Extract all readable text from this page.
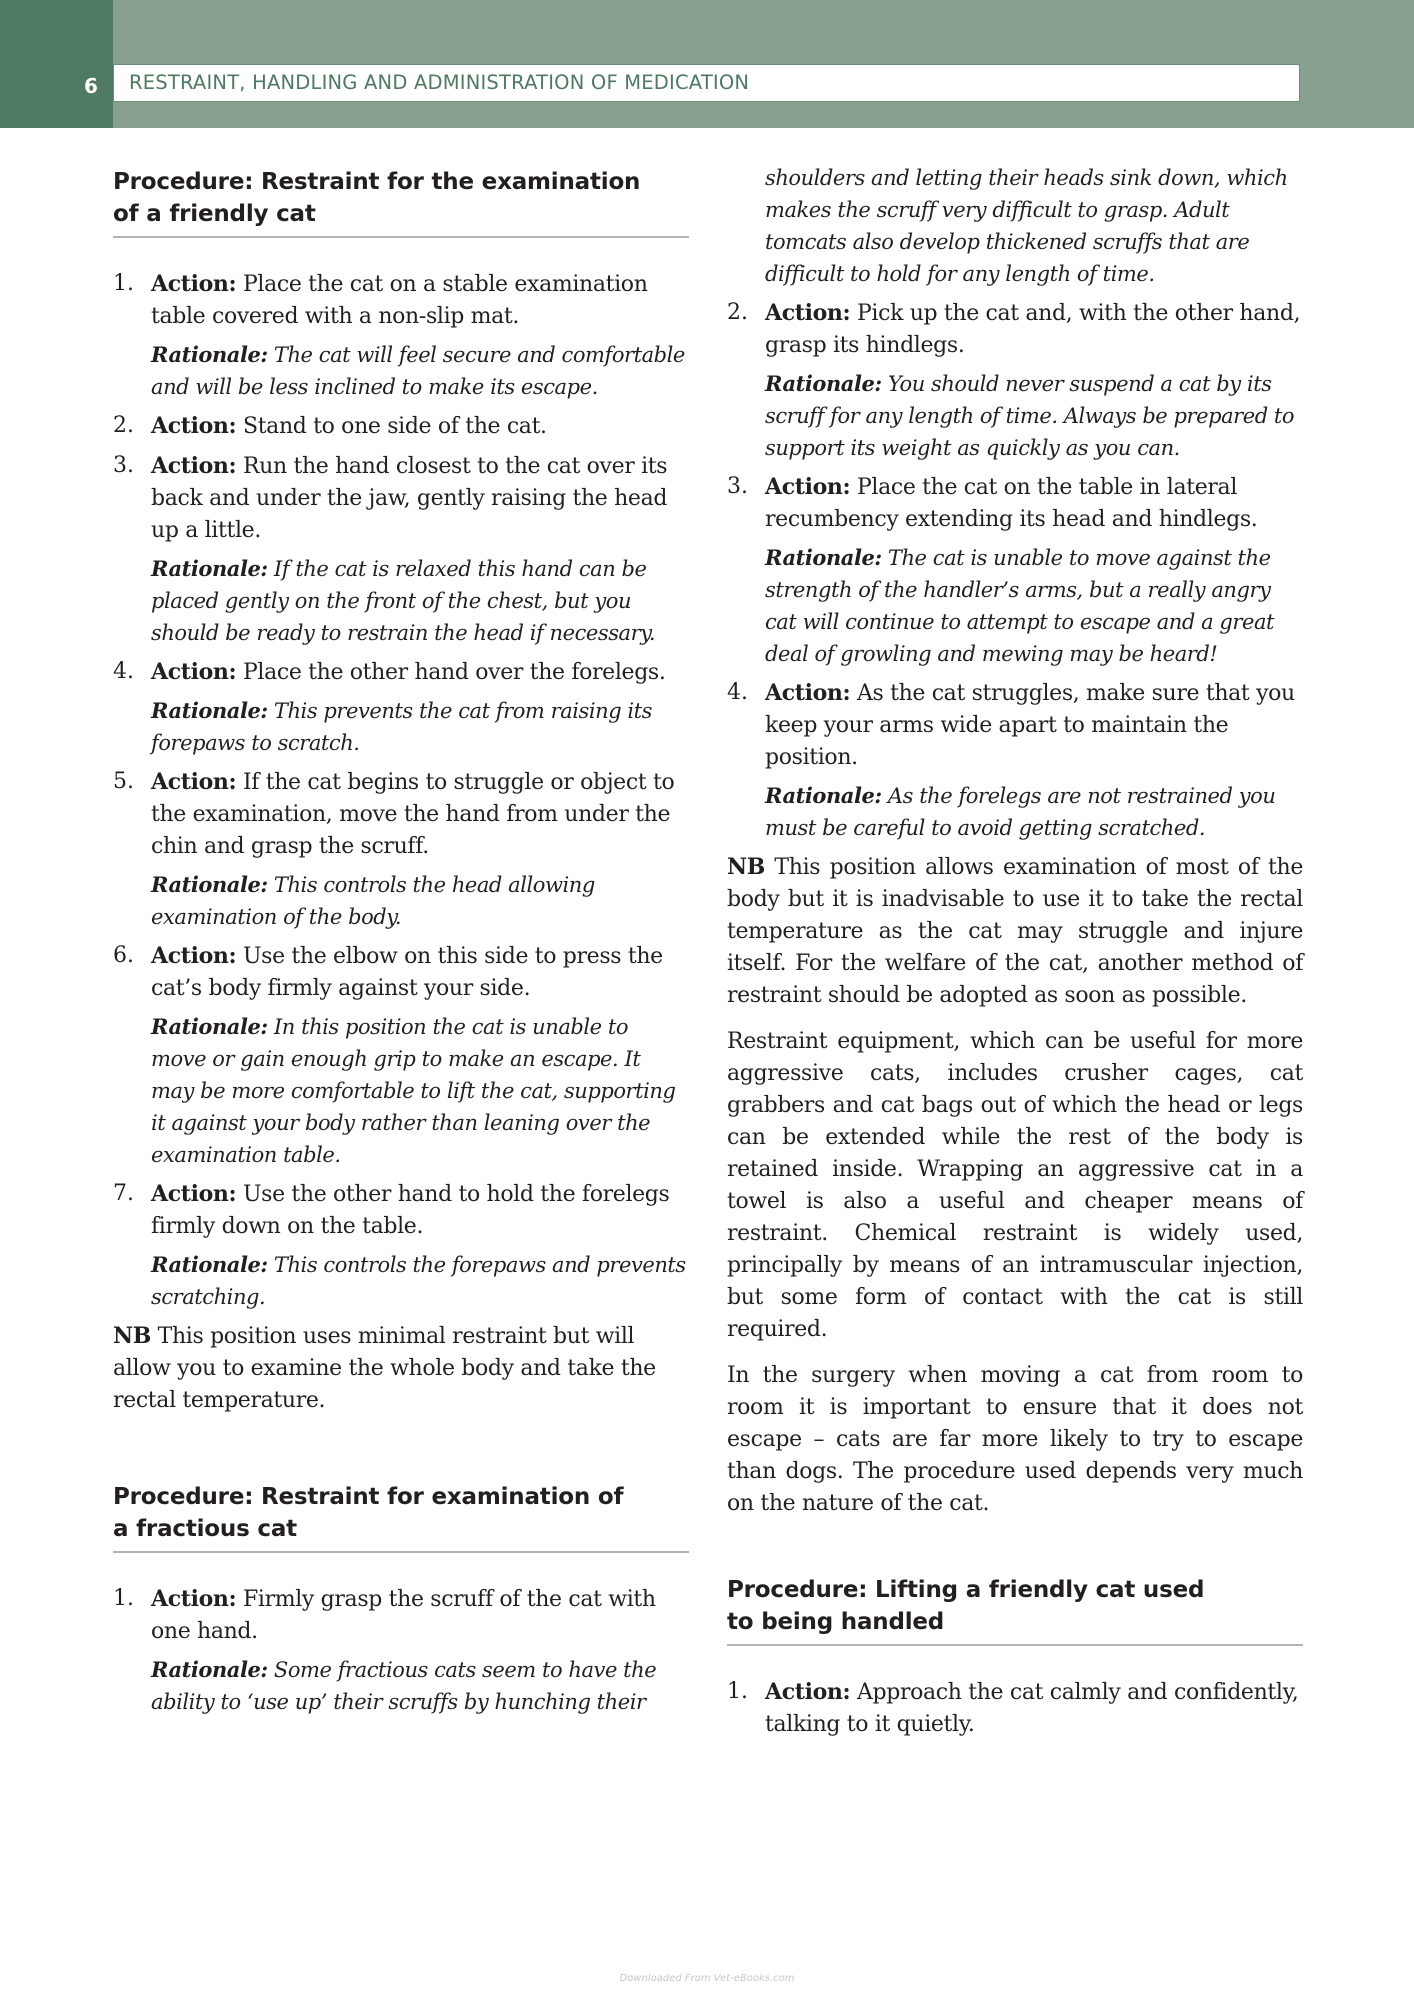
6 RESTRAINT, HANDLING AND ADMINISTRATION OF MEDICATION
Procedure: Restraint for the examination
of a friendly cat
1. Action: Place the cat on a stable examination table covered with a non-slip mat.

Rationale: The cat will feel secure and comfortable and will be less inclined to make its escape.

2. Action: Stand to one side of the cat.

3. Action: Run the hand closest to the cat over its back and under the jaw, gently raising the head up a little.

Rationale: If the cat is relaxed this hand can be placed gently on the front of the chest, but you should be ready to restrain the head if necessary.

4. Action: Place the other hand over the forelegs.

Rationale: This prevents the cat from raising its forepaws to scratch.

5. Action: If the cat begins to struggle or object to the examination, move the hand from under the chin and grasp the scruff.

Rationale: This controls the head allowing examination of the body.

6. Action: Use the elbow on this side to press the cat’s body firmly against your side.

Rationale: In this position the cat is unable to move or gain enough grip to make an escape. It may be more comfortable to lift the cat, supporting it against your body rather than leaning over the examination table.

7. Action: Use the other hand to hold the forelegs firmly down on the table.

Rationale: This controls the forepaws and prevents scratching.

NB This position uses minimal restraint but will allow you to examine the whole body and take the rectal temperature.

Procedure: Restraint for examination of
a fractious cat
1. Action: Firmly grasp the scruff of the cat with one hand.

Rationale: Some fractious cats seem to have the ability to ‘use up’ their scruffs by hunching their

shoulders and letting their heads sink down, which makes the scruff very difficult to grasp. Adult tomcats also develop thickened scruffs that are difficult to hold for any length of time.

2. Action: Pick up the cat and, with the other hand, grasp its hindlegs.

Rationale: You should never suspend a cat by its scruff for any length of time. Always be prepared to support its weight as quickly as you can.

3. Action: Place the cat on the table in lateral recumbency extending its head and hindlegs.

Rationale: The cat is unable to move against the strength of the handler’s arms, but a really angry cat will continue to attempt to escape and a great deal of growling and mewing may be heard!

4. Action: As the cat struggles, make sure that you keep your arms wide apart to maintain the position.

Rationale: As the forelegs are not restrained you must be careful to avoid getting scratched.

NB This position allows examination of most of the body but it is inadvisable to use it to take the rectal temperature as the cat may struggle and injure itself. For the welfare of the cat, another method of restraint should be adopted as soon as possible.

Restraint equipment, which can be useful for more aggressive cats, includes crusher cages, cat grabbers and cat bags out of which the head or legs can be extended while the rest of the body is retained inside. Wrapping an aggressive cat in a towel is also a useful and cheaper means of restraint. Chemical restraint is widely used, principally by means of an intramuscular injection, but some form of contact with the cat is still required.

In the surgery when moving a cat from room to room it is important to ensure that it does not escape – cats are far more likely to try to escape than dogs. The procedure used depends very much on the nature of the cat.

Procedure: Lifting a friendly cat used
to being handled
1. Action: Approach the cat calmly and confidently, talking to it quietly.

Downloaded From Vet-eBooks.com
